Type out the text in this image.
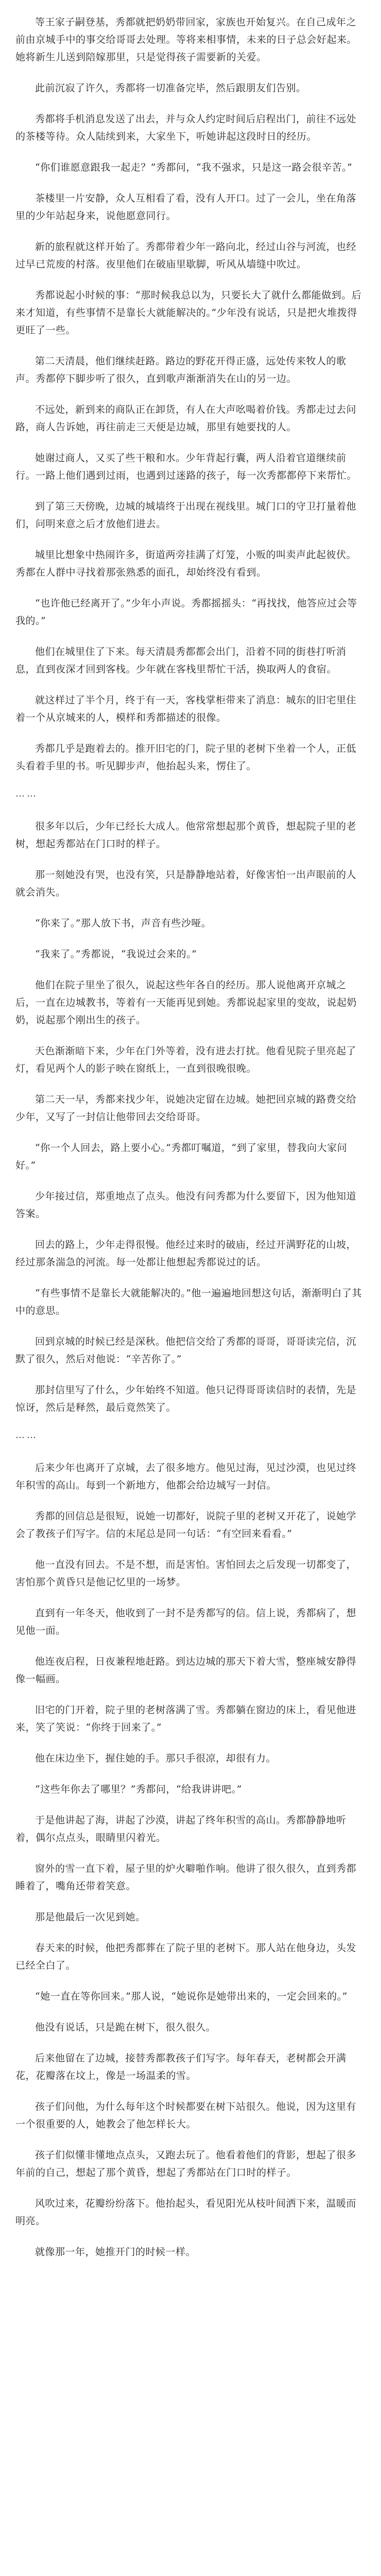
等王家子嗣登基，秀都就把奶奶带回家，家族也开始复兴。在自己成年之前由京城手中的事交给哥哥去处理。等将来相事情，未来的日子总会好起来。她将新生儿送到陪嫁那里，只是觉得孩子需要新的关爱。

此前沉寂了许久，秀都将一切准备完毕，然后跟朋友们告别。

秀都将手机消息发送了出去，并与众人约定时间后启程出门，前往不远处的茶楼等待。众人陆续到来，大家坐下，听她讲起这段时日的经历。

“你们谁愿意跟我一起走？”秀都问，“我不强求，只是这一路会很辛苦。”

茶楼里一片安静，众人互相看了看，没有人开口。过了一会儿，坐在角落里的少年站起身来，说他愿意同行。

新的旅程就这样开始了。秀都带着少年一路向北，经过山谷与河流，也经过早已荒废的村落。夜里他们在破庙里歇脚，听风从墙缝中吹过。

秀都说起小时候的事：“那时候我总以为，只要长大了就什么都能做到。后来才知道，有些事情不是靠长大就能解决的。”少年没有说话，只是把火堆拨得更旺了一些。

第二天清晨，他们继续赶路。路边的野花开得正盛，远处传来牧人的歌声。秀都停下脚步听了很久，直到歌声渐渐消失在山的另一边。

不远处，新到来的商队正在卸货，有人在大声吆喝着价钱。秀都走过去问路，商人告诉她，再往前走三天便是边城，那里有她要找的人。

她谢过商人，又买了些干粮和水。少年背起行囊，两人沿着官道继续前行。一路上他们遇到过雨，也遇到过迷路的孩子，每一次秀都都停下来帮忙。

到了第三天傍晚，边城的城墙终于出现在视线里。城门口的守卫打量着他们，问明来意之后才放他们进去。

城里比想象中热闹许多，街道两旁挂满了灯笼，小贩的叫卖声此起彼伏。秀都在人群中寻找着那张熟悉的面孔，却始终没有看到。

“也许他已经离开了。”少年小声说。秀都摇摇头：“再找找，他答应过会等我的。”

他们在城里住了下来。每天清晨秀都都会出门，沿着不同的街巷打听消息，直到夜深才回到客栈。少年就在客栈里帮忙干活，换取两人的食宿。

就这样过了半个月，终于有一天，客栈掌柜带来了消息：城东的旧宅里住着一个从京城来的人，模样和秀都描述的很像。

秀都几乎是跑着去的。推开旧宅的门，院子里的老树下坐着一个人，正低头看着手里的书。听见脚步声，他抬起头来，愣住了。

……

很多年以后，少年已经长大成人。他常常想起那个黄昏，想起院子里的老树，想起秀都站在门口时的样子。

那一刻她没有哭，也没有笑，只是静静地站着，好像害怕一出声眼前的人就会消失。

“你来了。”那人放下书，声音有些沙哑。

“我来了。”秀都说，“我说过会来的。”

他们在院子里坐了很久，说起这些年各自的经历。那人说他离开京城之后，一直在边城教书，等着有一天能再见到她。秀都说起家里的变故，说起奶奶，说起那个刚出生的孩子。

天色渐渐暗下来，少年在门外等着，没有进去打扰。他看见院子里亮起了灯，看见两个人的影子映在窗纸上，一直到很晚很晚。

第二天一早，秀都来找少年，说她决定留在边城。她把回京城的路费交给少年，又写了一封信让他带回去交给哥哥。

“你一个人回去，路上要小心。”秀都叮嘱道，“到了家里，替我向大家问好。”

少年接过信，郑重地点了点头。他没有问秀都为什么要留下，因为他知道答案。

回去的路上，少年走得很慢。他经过来时的破庙，经过开满野花的山坡，经过那条湍急的河流。每一处都让他想起秀都说过的话。

“有些事情不是靠长大就能解决的。”他一遍遍地回想这句话，渐渐明白了其中的意思。

回到京城的时候已经是深秋。他把信交给了秀都的哥哥，哥哥读完信，沉默了很久，然后对他说：“辛苦你了。”

那封信里写了什么，少年始终不知道。他只记得哥哥读信时的表情，先是惊讶，然后是释然，最后竟然笑了。

……

后来少年也离开了京城，去了很多地方。他见过海，见过沙漠，也见过终年积雪的高山。每到一个新地方，他都会给边城写一封信。

秀都的回信总是很短，说她一切都好，说院子里的老树又开花了，说她学会了教孩子们写字。信的末尾总是同一句话：“有空回来看看。”

他一直没有回去。不是不想，而是害怕。害怕回去之后发现一切都变了，害怕那个黄昏只是他记忆里的一场梦。

直到有一年冬天，他收到了一封不是秀都写的信。信上说，秀都病了，想见他一面。

他连夜启程，日夜兼程地赶路。到达边城的那天下着大雪，整座城安静得像一幅画。

旧宅的门开着，院子里的老树落满了雪。秀都躺在窗边的床上，看见他进来，笑了笑说：“你终于回来了。”

他在床边坐下，握住她的手。那只手很凉，却很有力。

“这些年你去了哪里？”秀都问，“给我讲讲吧。”

于是他讲起了海，讲起了沙漠，讲起了终年积雪的高山。秀都静静地听着，偶尔点点头，眼睛里闪着光。

窗外的雪一直下着，屋子里的炉火噼啪作响。他讲了很久很久，直到秀都睡着了，嘴角还带着笑意。

那是他最后一次见到她。

春天来的时候，他把秀都葬在了院子里的老树下。那人站在他身边，头发已经全白了。

“她一直在等你回来。”那人说，“她说你是她带出来的，一定会回来的。”

他没有说话，只是跪在树下，很久很久。

后来他留在了边城，接替秀都教孩子们写字。每年春天，老树都会开满花，花瓣落在坟上，像是一场温柔的雪。

孩子们问他，为什么每年这个时候都要在树下站很久。他说，因为这里有一个很重要的人，她教会了他怎样长大。

孩子们似懂非懂地点点头，又跑去玩了。他看着他们的背影，想起了很多年前的自己，想起了那个黄昏，想起了秀都站在门口时的样子。

风吹过来，花瓣纷纷落下。他抬起头，看见阳光从枝叶间洒下来，温暖而明亮。

就像那一年，她推开门的时候一样。
